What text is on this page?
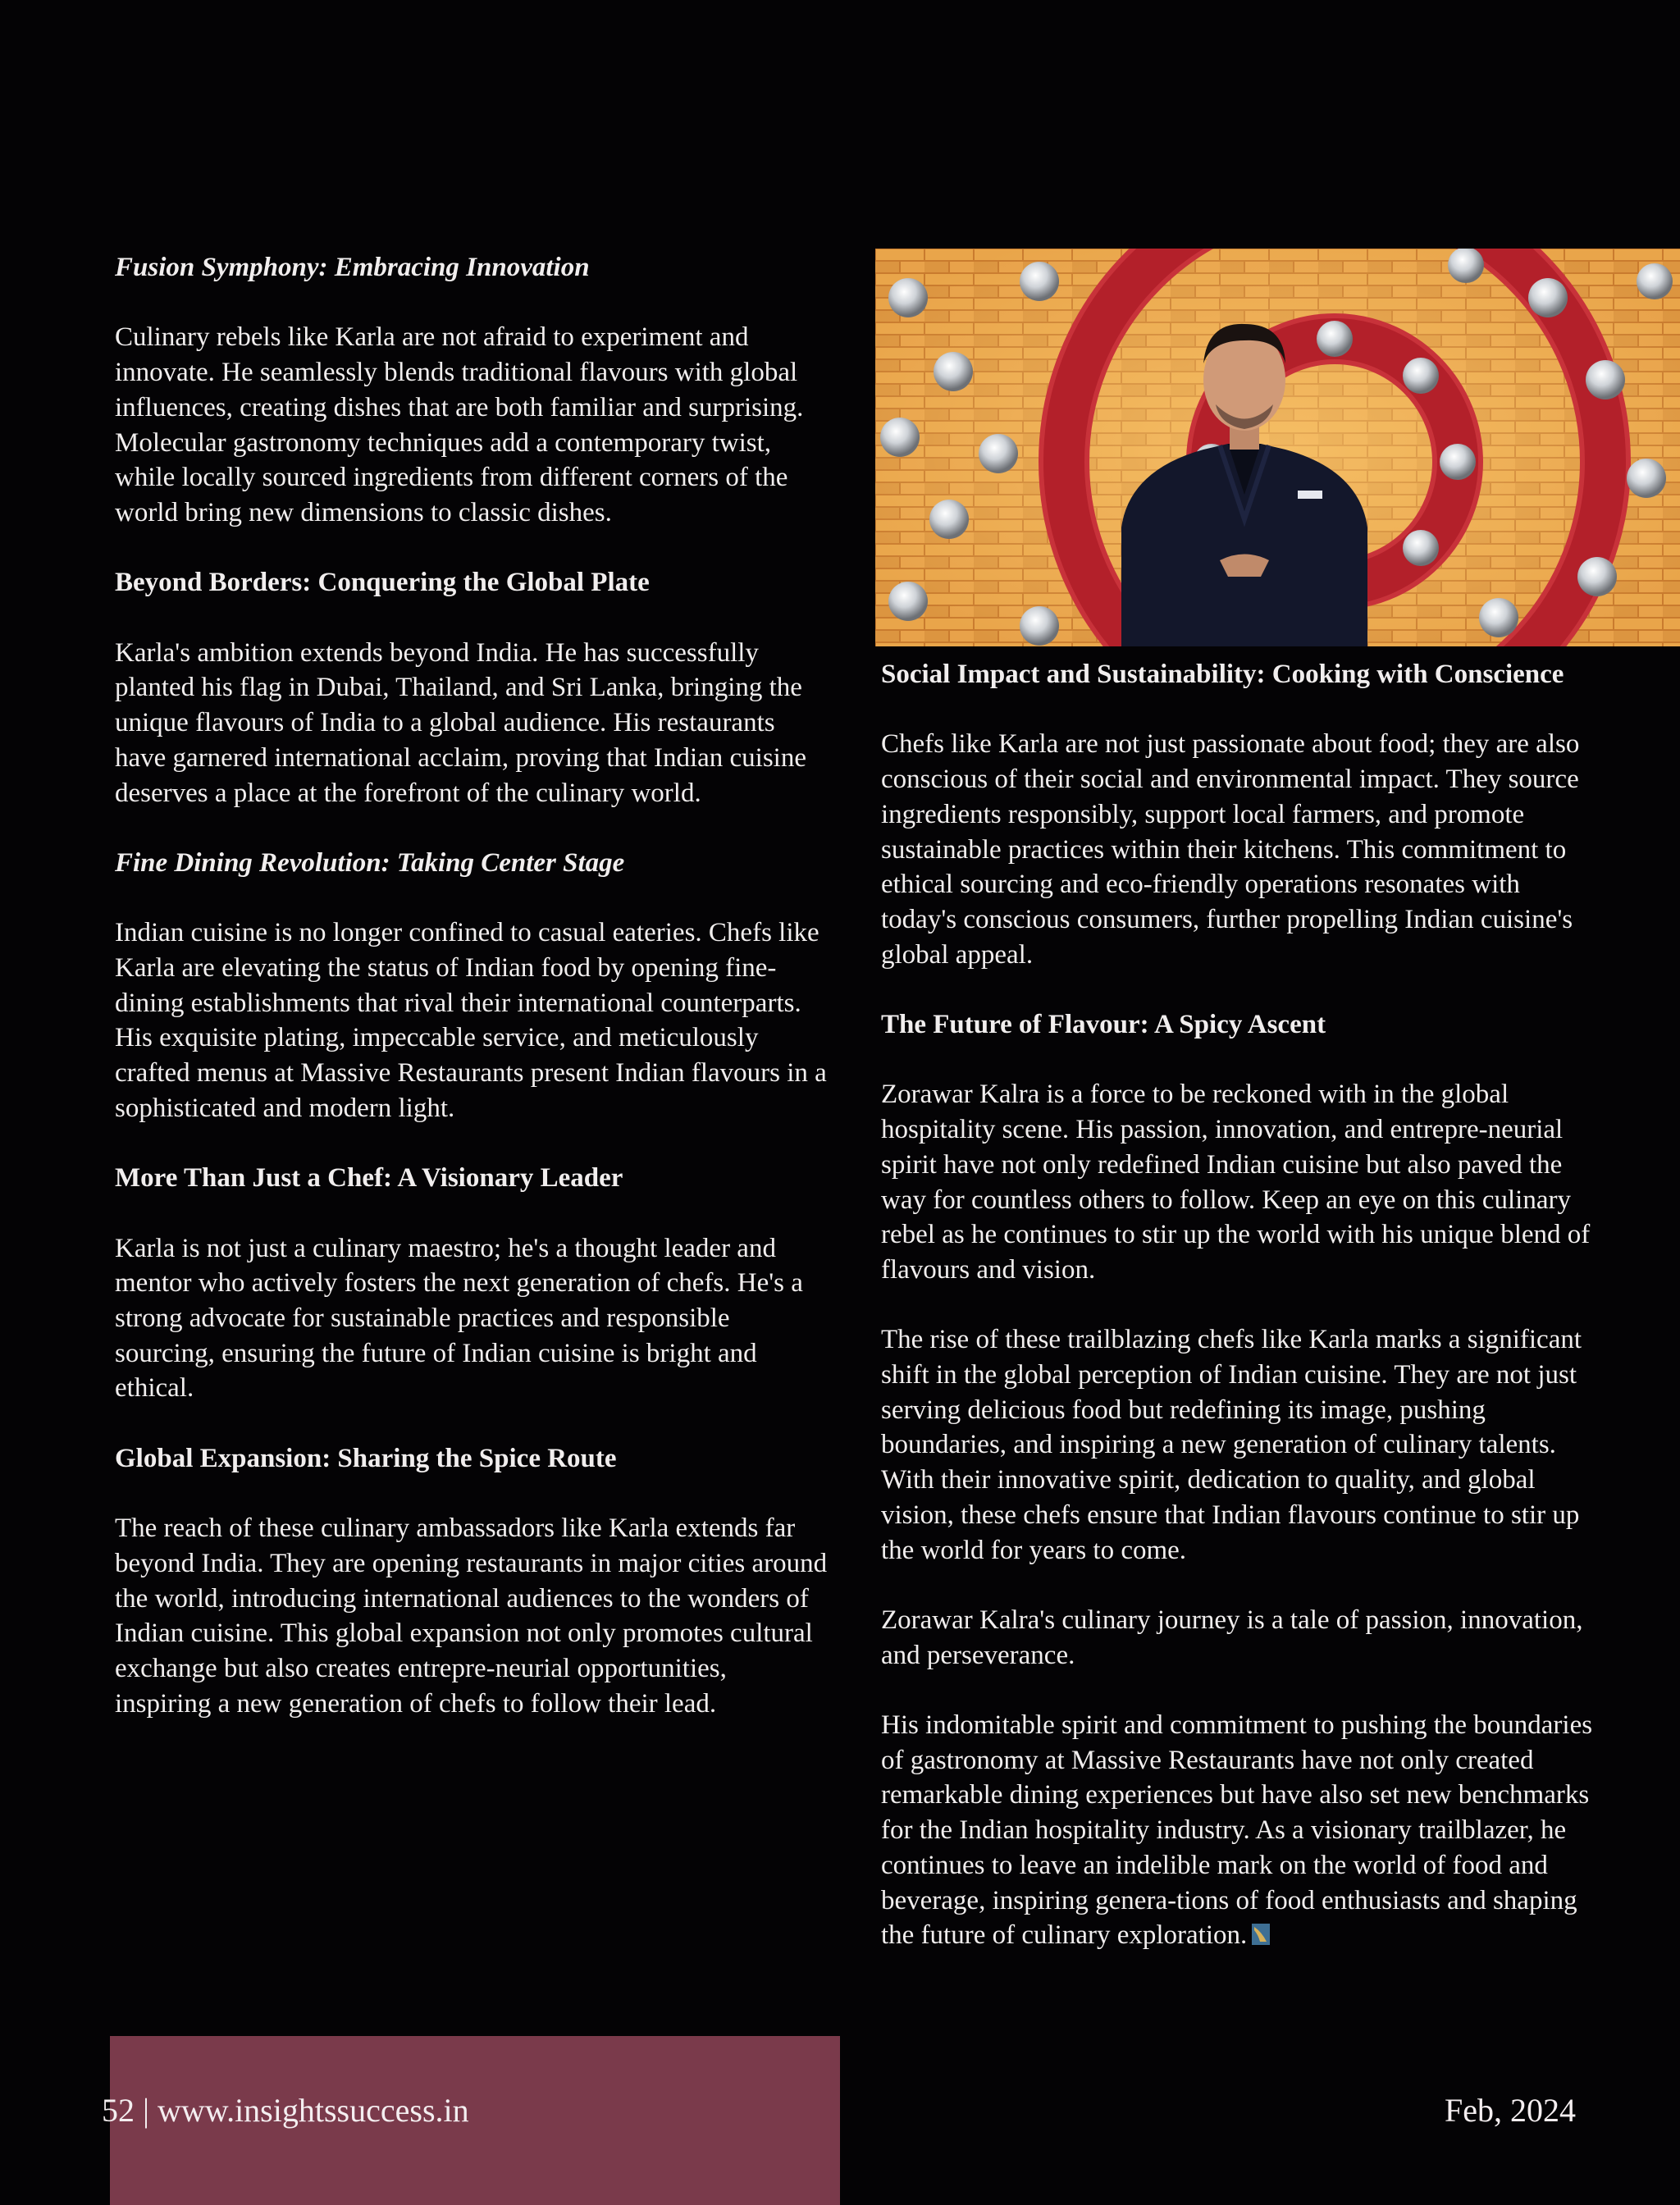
Fusion Symphony: Embracing Innovation
Culinary rebels like Karla are not afraid to experiment and innovate. He seamlessly blends traditional flavours with global influences, creating dishes that are both familiar and surprising. Molecular gastronomy techniques add a contemporary twist, while locally sourced ingredients from different corners of the world bring new dimensions to classic dishes.
Beyond Borders: Conquering the Global Plate
Karla's ambition extends beyond India. He has successfully planted his flag in Dubai, Thailand, and Sri Lanka, bringing the unique flavours of India to a global audience. His restaurants have garnered international acclaim, proving that Indian cuisine deserves a place at the forefront of the culinary world.
Fine Dining Revolution: Taking Center Stage
Indian cuisine is no longer confined to casual eateries. Chefs like Karla are elevating the status of Indian food by opening fine-dining establishments that rival their international counterparts. His exquisite plating, impeccable service, and meticulously crafted menus at Massive Restaurants present Indian flavours in a sophisticated and modern light.
More Than Just a Chef: A Visionary Leader
Karla is not just a culinary maestro; he's a thought leader and mentor who actively fosters the next generation of chefs. He's a strong advocate for sustainable practices and responsible sourcing, ensuring the future of Indian cuisine is bright and ethical.
Global Expansion: Sharing the Spice Route
The reach of these culinary ambassadors like Karla extends far beyond India. They are opening restaurants in major cities around the world, introducing international audiences to the wonders of Indian cuisine. This global expansion not only promotes cultural exchange but also creates entrepre-neurial opportunities, inspiring a new generation of chefs to follow their lead.
Social Impact and Sustainability: Cooking with Conscience
Chefs like Karla are not just passionate about food; they are also conscious of their social and environmental impact. They source ingredients responsibly, support local farmers, and promote sustainable practices within their kitchens. This commitment to ethical sourcing and eco-friendly operations resonates with today's conscious consumers, further propelling Indian cuisine's global appeal.
The Future of Flavour: A Spicy Ascent
Zorawar Kalra is a force to be reckoned with in the global hospitality scene. His passion, innovation, and entrepre-neurial spirit have not only redefined Indian cuisine but also paved the way for countless others to follow. Keep an eye on this culinary rebel as he continues to stir up the world with his unique blend of flavours and vision.
The rise of these trailblazing chefs like Karla marks a significant shift in the global perception of Indian cuisine. They are not just serving delicious food but redefining its image, pushing boundaries, and inspiring a new generation of culinary talents. With their innovative spirit, dedication to quality, and global vision, these chefs ensure that Indian flavours continue to stir up the world for years to come.
Zorawar Kalra's culinary journey is a tale of passion, innovation, and perseverance.
His indomitable spirit and commitment to pushing the boundaries of gastronomy at Massive Restaurants have not only created remarkable dining experiences but have also set new benchmarks for the Indian hospitality industry. As a visionary trailblazer, he continues to leave an indelible mark on the world of food and beverage, inspiring genera-tions of food enthusiasts and shaping the future of culinary exploration.
52 | www.insightssuccess.in	Feb, 2024
